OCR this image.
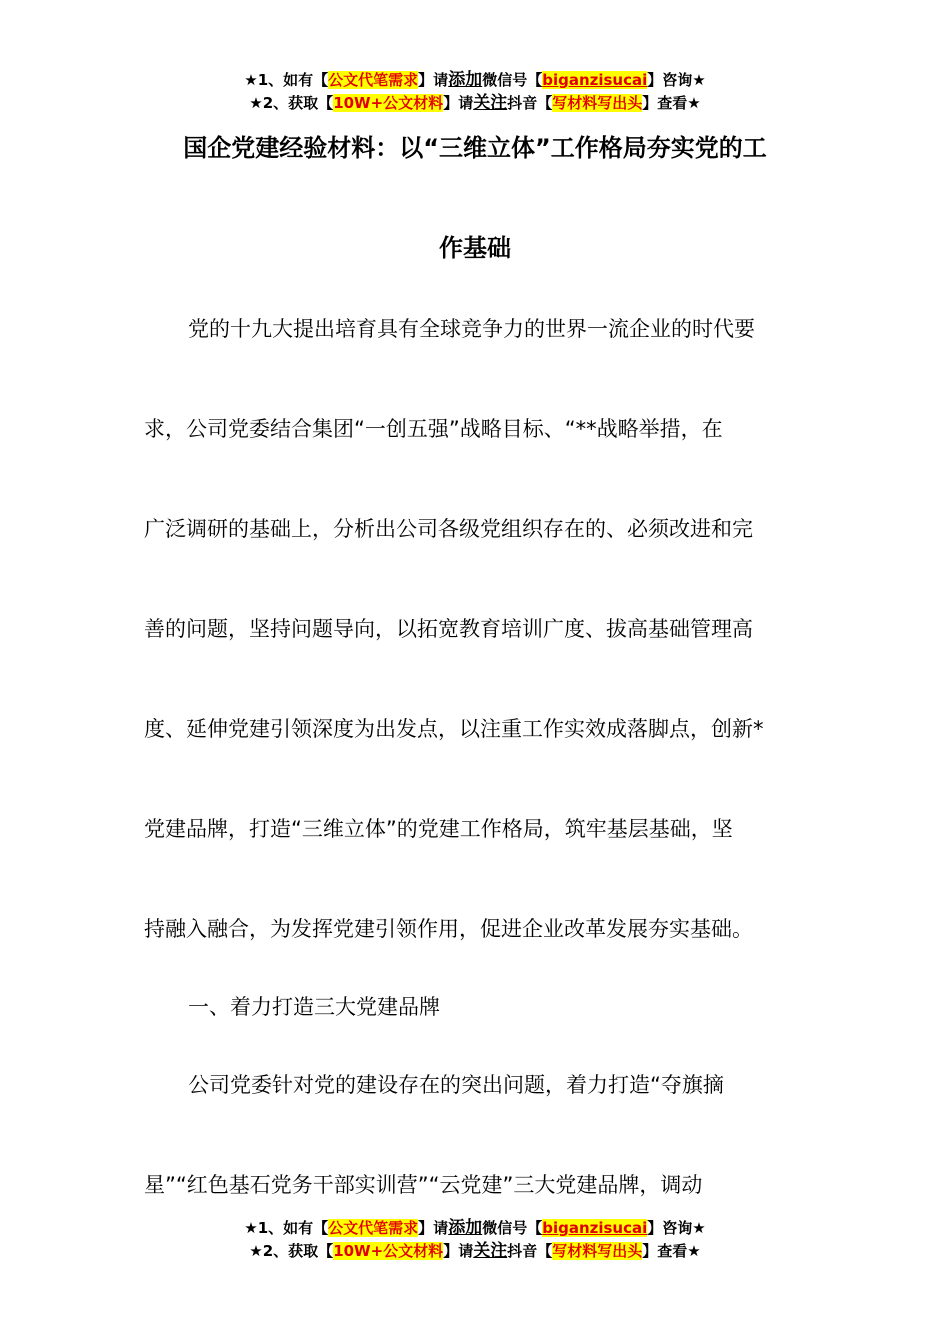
★1、如有【公文代笔需求】请添加微信号【biganzisucai】咨询★
★2、获取【10W+公文材料】请关注抖音【写材料写出头】查看★
国企党建经验材料：以“三维立体”工作格局夯实党的工
作基础
党的十九大提出培育具有全球竞争力的世界一流企业的时代要
求，公司党委结合集团“一创五强”战略目标、“**战略举措，在
广泛调研的基础上，分析出公司各级党组织存在的、必须改进和完
善的问题，坚持问题导向，以拓宽教育培训广度、拔高基础管理高
度、延伸党建引领深度为出发点，以注重工作实效成落脚点，创新*
党建品牌，打造“三维立体”的党建工作格局，筑牢基层基础，坚
持融入融合，为发挥党建引领作用，促进企业改革发展夯实基础。
一、着力打造三大党建品牌
公司党委针对党的建设存在的突出问题，着力打造“夺旗摘
星”“红色基石党务干部实训营”“云党建”三大党建品牌，调动
★1、如有【公文代笔需求】请添加微信号【biganzisucai】咨询★
★2、获取【10W+公文材料】请关注抖音【写材料写出头】查看★
